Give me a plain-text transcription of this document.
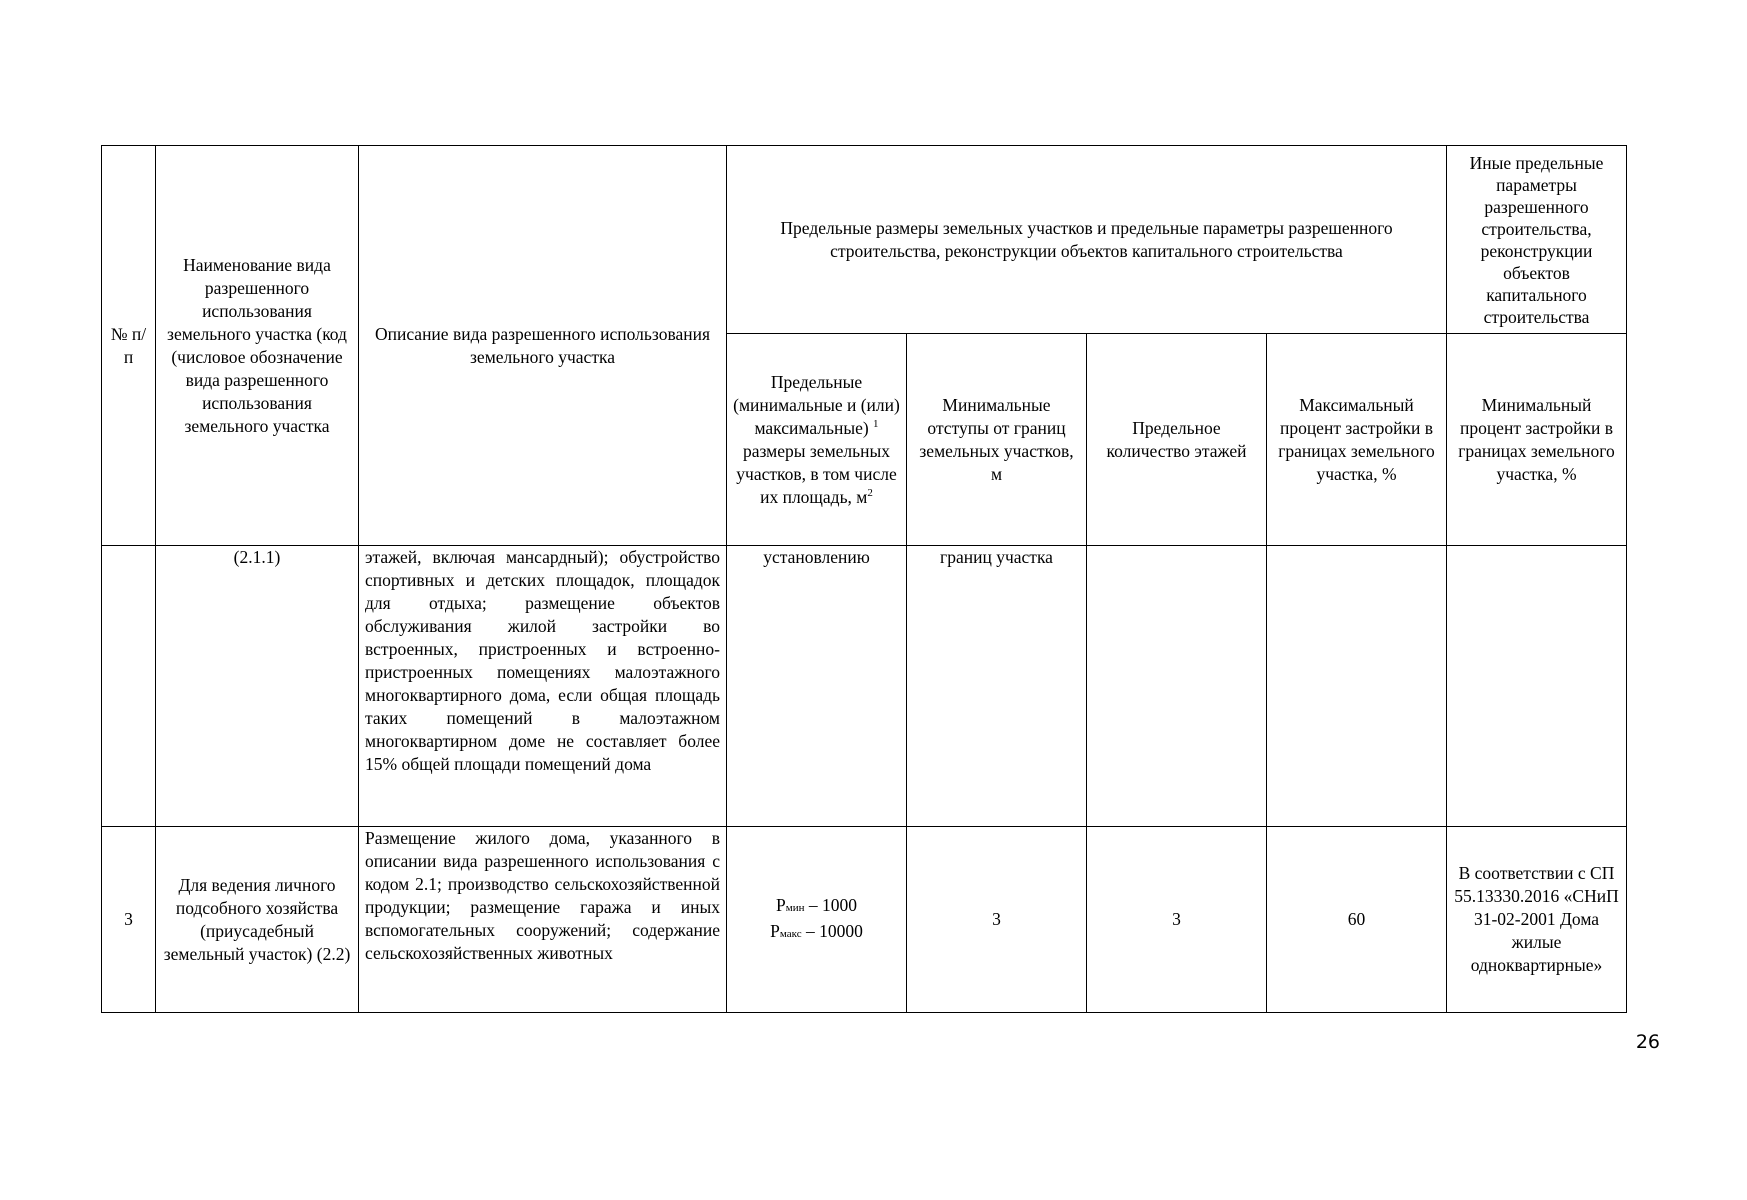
№ п/п	Наименование вида разрешенного использования земельного участка (код (числовое обозначение вида разрешенного использования земельного участка	Описание вида разрешенного использования земельного участка	Предельные размеры земельных участков и предельные параметры разрешенного строительства, реконструкции объектов капитального строительства				Иные предельные параметры разрешенного строительства, реконструкции объектов капитального строительства
			Предельные (минимальные и (или) максимальные) $^1$ размеры земельных участков, в том числе их площадь, $м^2$	Минимальные отступы от границ земельных участков, м	Предельное количество этажей	Максимальный процент застройки в границах земельного участка, %	Минимальный процент застройки в границах земельного участка, %
	(2.1.1)	этажей, включая мансардный); обустройство спортивных и детских площадок, площадок для отдыха; размещение объектов обслуживания жилой застройки во встроенных, пристроенных и встроенно-пристроенных помещениях малоэтажного многоквартирного дома, если общая площадь таких помещений в малоэтажном многоквартирном доме не составляет более 15% общей площади помещений дома	установлению	границ участка			
3	Для ведения личного подсобного хозяйства (приусадебный земельный участок) (2.2)	Размещение жилого дома, указанного в описании вида разрешенного использования с кодом 2.1; производство сельскохозяйственной продукции; размещение гаража и иных вспомогательных сооружений; содержание сельскохозяйственных животных	Pмин – 1000
Pмакс – 10000	3	3	60	В соответствии с СП 55.13330.2016 «СНиП 31-02-2001 Дома жилые одноквартирные»
26
